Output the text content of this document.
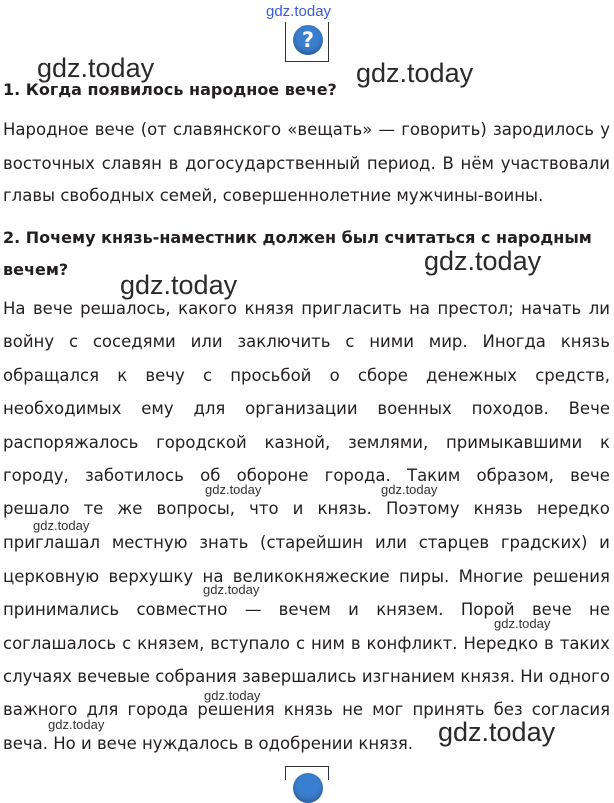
gdz.today
gdz.today	gdz.today
gdz.today
gdz.today
gdz.today	gdz.today
gdz.today
gdz.today
gdz.today
gdz.today
gdz.today	gdz.today
?
1. Когда появилось народное вече?
Народное вече (от славянского «вещать» — говорить) зародилось у
восточных славян в догосударственный период. В нём участвовали
главы свободных семей, совершеннолетние мужчины-воины.
2. Почему князь-наместник должен был считаться с народным
вечем?
На вече решалось, какого князя пригласить на престол; начать ли
войну с соседями или заключить с ними мир. Иногда князь
обращался к вечу с просьбой о сборе денежных средств,
необходимых ему для организации военных походов. Вече
распоряжалось городской казной, землями, примыкавшими к
городу, заботилось об обороне города. Таким образом, вече
решало те же вопросы, что и князь. Поэтому князь нередко
приглашал местную знать (старейшин или старцев градских) и
церковную верхушку на великокняжеские пиры. Многие решения
принимались совместно — вечем и князем. Порой вече не
соглашалось с князем, вступало с ним в конфликт. Нередко в таких
случаях вечевые собрания завершались изгнанием князя. Ни одного
важного для города решения князь не мог принять без согласия
веча. Но и вече нуждалось в одобрении князя.
